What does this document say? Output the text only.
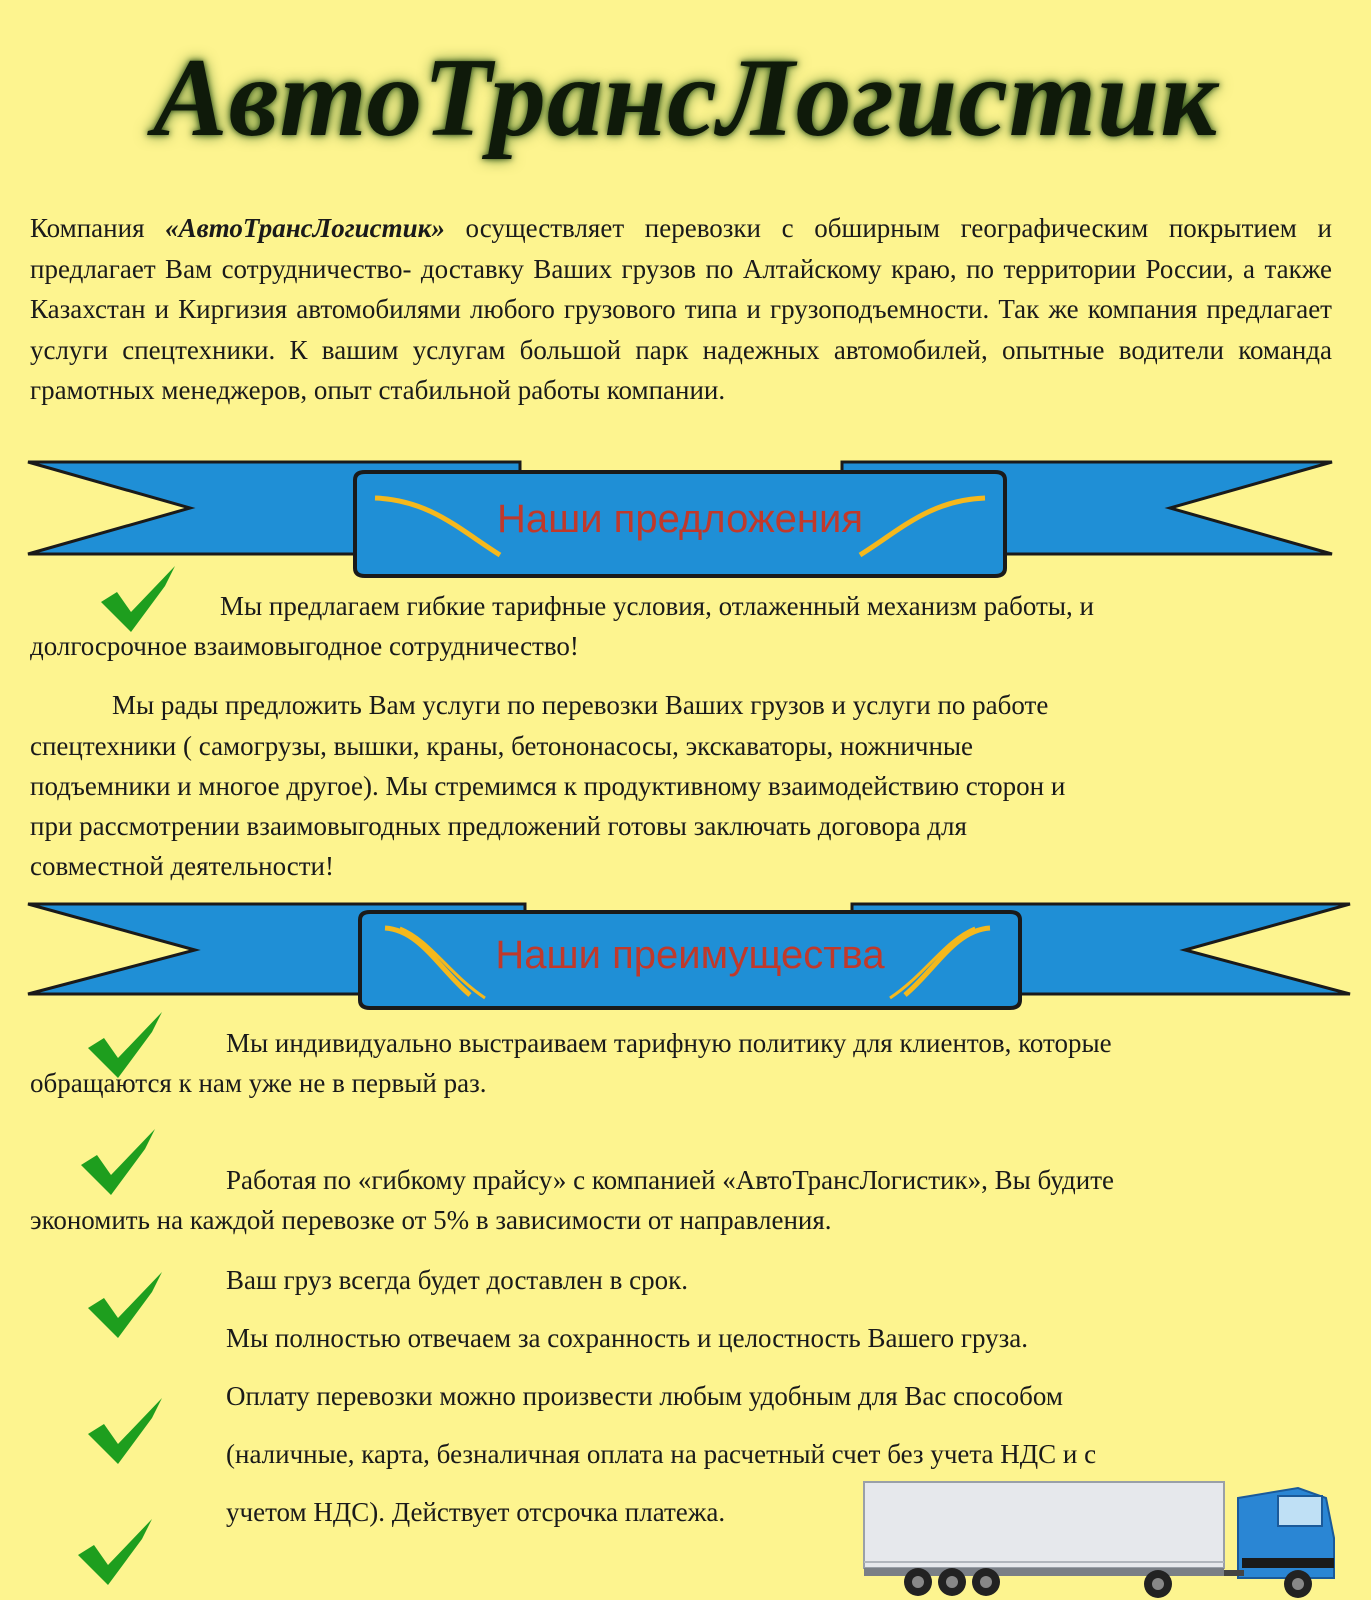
АвтоТрансЛогистик
Компания «АвтоТрансЛогистик» осуществляет перевозки с обширным географическим покрытием и предлагает Вам сотрудничество- доставку Ваших грузов по Алтайскому краю, по территории России, а также Казахстан и Киргизия автомобилями любого грузового типа и грузоподъемности. Так же компания предлагает услуги спецтехники. К вашим услугам большой парк надежных автомобилей, опытные водители команда грамотных менеджеров, опыт стабильной работы компании.
Наши предложения
Мы предлагаем гибкие тарифные условия, отлаженный механизм работы, и
долгосрочное взаимовыгодное сотрудничество!
Мы рады предложить Вам услуги по перевозки Ваших грузов и услуги по работе
спецтехники ( самогрузы, вышки, краны, бетононасосы, экскаваторы, ножничные
подъемники и многое другое). Мы стремимся к продуктивному взаимодействию сторон и
при рассмотрении взаимовыгодных предложений готовы заключать договора для
совместной деятельности!
Наши преимущества
Мы индивидуально выстраиваем тарифную политику для клиентов, которые
обращаются к нам уже не в первый раз.
Работая по «гибкому прайсу» с компанией «АвтоТрансЛогистик», Вы будите
экономить на каждой перевозке от 5% в зависимости от направления.
Ваш груз всегда будет доставлен в срок.
Мы полностью отвечаем за сохранность и целостность Вашего груза.
Оплату перевозки можно произвести любым удобным для Вас способом
(наличные, карта, безналичная оплата на расчетный счет без учета НДС и с
учетом НДС). Действует отсрочка платежа.
